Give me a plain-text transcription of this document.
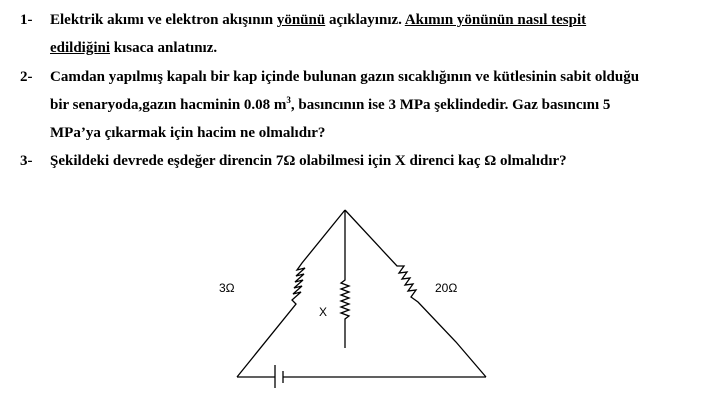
1-	Elektrik akımı ve elektron akışının yönünü açıklayınız. Akımın yönünün nasıl tespit
edildiğini kısaca anlatınız.
2-	Camdan yapılmış kapalı bir kap içinde bulunan gazın sıcaklığının ve kütlesinin sabit olduğu
bir senaryoda,gazın hacminin 0.08 $m^3$, basıncının ise 3 MPa şeklindedir. Gaz basıncını 5
MPa’ya çıkarmak için hacim ne olmalıdır?
3-	Şekildeki devrede eşdeğer direncin 7Ω olabilmesi için X direnci kaç Ω olmalıdır?
3Ω
X
20Ω
